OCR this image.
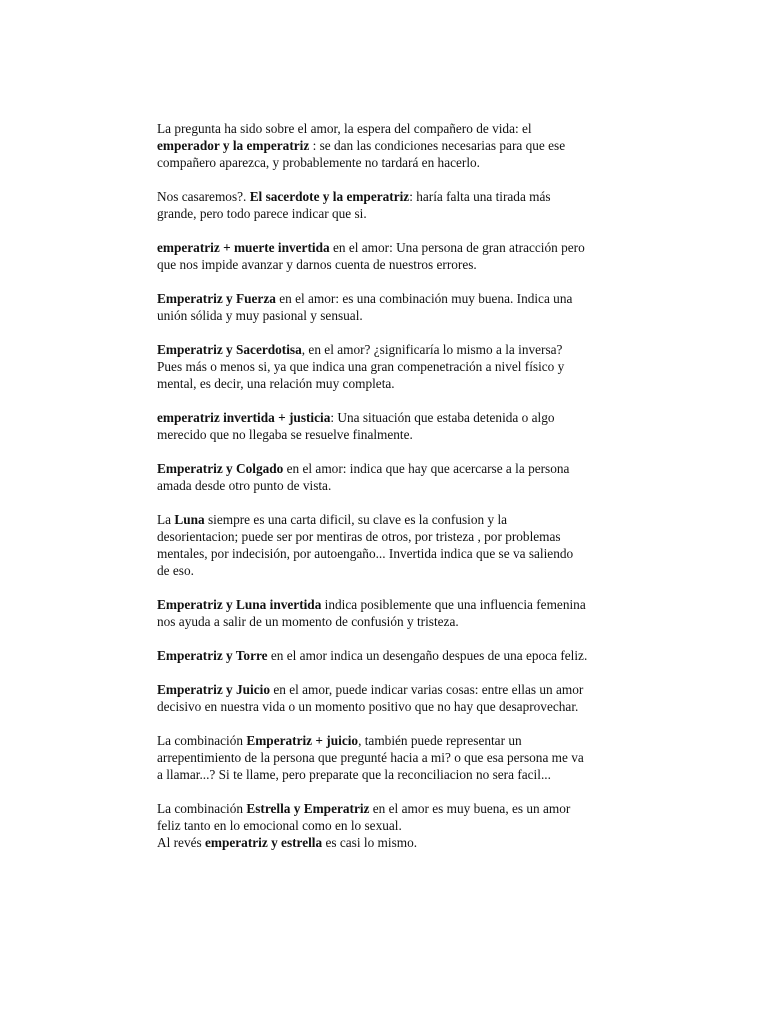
La pregunta ha sido sobre el amor, la espera del compañero de vida: el
emperador y la emperatriz : se dan las condiciones necesarias para que ese
compañero aparezca, y probablemente no tardará en hacerlo.

Nos casaremos?. El sacerdote y la emperatriz: haría falta una tirada más
grande, pero todo parece indicar que si.

emperatriz + muerte invertida en el amor: Una persona de gran atracción pero
que nos impide avanzar y darnos cuenta de nuestros errores.

Emperatriz y Fuerza en el amor: es una combinación muy buena. Indica una
unión sólida y muy pasional y sensual.

Emperatriz y Sacerdotisa, en el amor? ¿significaría lo mismo a la inversa?
Pues más o menos si, ya que indica una gran compenetración a nivel físico y
mental, es decir, una relación muy completa.

emperatriz invertida + justicia: Una situación que estaba detenida o algo
merecido que no llegaba se resuelve finalmente.

Emperatriz y Colgado en el amor: indica que hay que acercarse a la persona
amada desde otro punto de vista.

La Luna siempre es una carta dificil, su clave es la confusion y la
desorientacion; puede ser por mentiras de otros, por tristeza , por problemas
mentales, por indecisión, por autoengaño... Invertida indica que se va saliendo
de eso.

Emperatriz y Luna invertida indica posiblemente que una influencia femenina
nos ayuda a salir de un momento de confusión y tristeza.

Emperatriz y Torre en el amor indica un desengaño despues de una epoca feliz.

Emperatriz y Juicio en el amor, puede indicar varias cosas: entre ellas un amor
decisivo en nuestra vida o un momento positivo que no hay que desaprovechar.

La combinación Emperatriz + juicio, también puede representar un
arrepentimiento de la persona que pregunté hacia a mi? o que esa persona me va
a llamar...? Si te llame, pero preparate que la reconciliacion no sera facil...

La combinación Estrella y Emperatriz en el amor es muy buena, es un amor
feliz tanto en lo emocional como en lo sexual.
Al revés emperatriz y estrella es casi lo mismo.
